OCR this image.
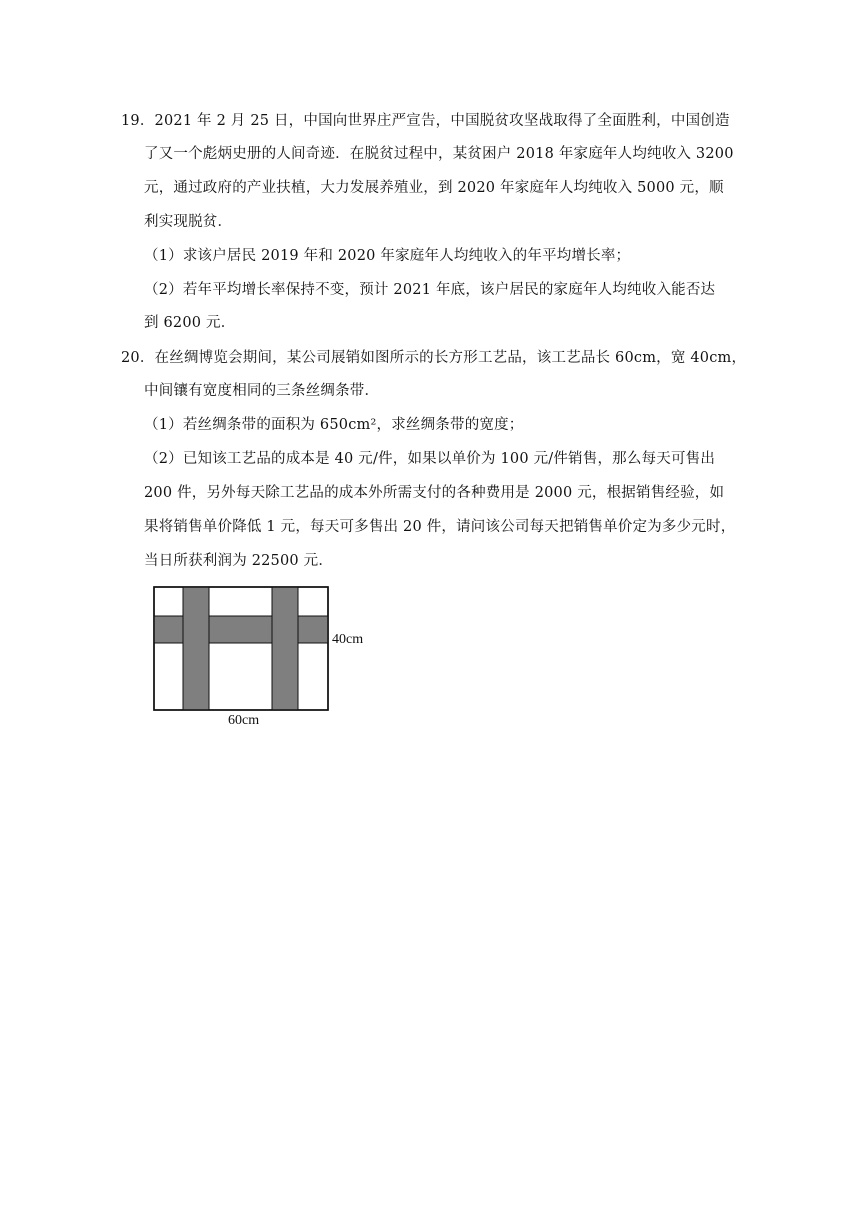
19．2021 年 2 月 25 日，中国向世界庄严宣告，中国脱贫攻坚战取得了全面胜利，中国创造
了又一个彪炳史册的人间奇迹．在脱贫过程中，某贫困户 2018 年家庭年人均纯收入 3200
元，通过政府的产业扶植，大力发展养殖业，到 2020 年家庭年人均纯收入 5000 元，顺
利实现脱贫．
（1）求该户居民 2019 年和 2020 年家庭年人均纯收入的年平均增长率；
（2）若年平均增长率保持不变，预计 2021 年底，该户居民的家庭年人均纯收入能否达
到 6200 元．
20．在丝绸博览会期间，某公司展销如图所示的长方形工艺品，该工艺品长 60cm，宽 40cm，
中间镶有宽度相同的三条丝绸条带．
（1）若丝绸条带的面积为 650cm²，求丝绸条带的宽度；
（2）已知该工艺品的成本是 40 元/件，如果以单价为 100 元/件销售，那么每天可售出
200 件，另外每天除工艺品的成本外所需支付的各种费用是 2000 元，根据销售经验，如
果将销售单价降低 1 元，每天可多售出 20 件，请问该公司每天把销售单价定为多少元时，
当日所获利润为 22500 元．
40cm
60cm
